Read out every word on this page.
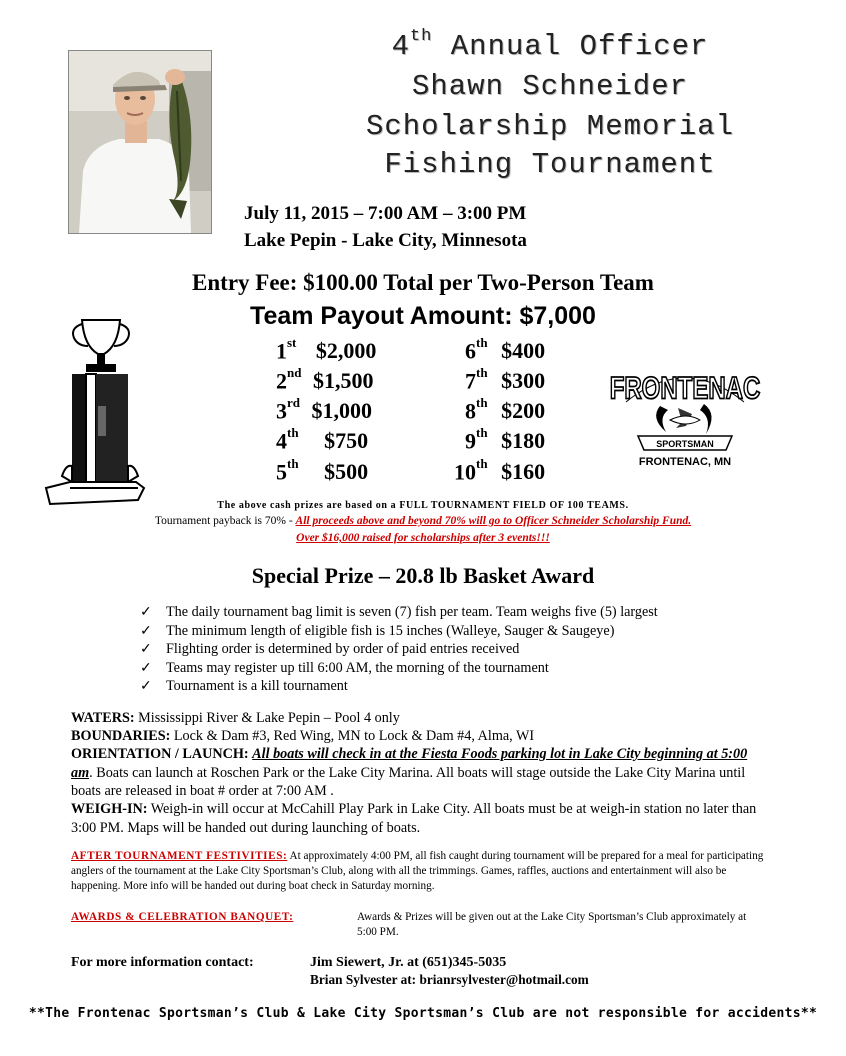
4th Annual Officer
Shawn Schneider
Scholarship Memorial
Fishing Tournament
July 11, 2015 – 7:00 AM – 3:00 PM
Lake Pepin - Lake City, Minnesota
Entry Fee: $100.00 Total per Two-Person Team
Team Payout Amount: $7,000
1st $2,000
2nd $1,500
3rd $1,000
4th $750
5th $500
6th $400
7th $300
8th $200
9th $180
10th $160
FRONTENAC
SPORTSMAN
FRONTENAC, MN
The above cash prizes are based on a FULL TOURNAMENT FIELD OF 100 TEAMS.
Tournament payback is 70% - All proceeds above and beyond 70% will go to Officer Schneider Scholarship Fund.
Over $16,000 raised for scholarships after 3 events!!!
Special Prize – 20.8 lb Basket Award
✓ The daily tournament bag limit is seven (7) fish per team. Team weighs five (5) largest
✓ The minimum length of eligible fish is 15 inches (Walleye, Sauger & Saugeye)
✓ Flighting order is determined by order of paid entries received
✓ Teams may register up till 6:00 AM, the morning of the tournament
✓ Tournament is a kill tournament
WATERS: Mississippi River & Lake Pepin – Pool 4 only
BOUNDARIES: Lock & Dam #3, Red Wing, MN to Lock & Dam #4, Alma, WI
ORIENTATION / LAUNCH: All boats will check in at the Fiesta Foods parking lot in Lake City beginning at 5:00 am. Boats can launch at Roschen Park or the Lake City Marina. All boats will stage outside the Lake City Marina until boats are released in boat # order at 7:00 AM .
WEIGH-IN: Weigh-in will occur at McCahill Play Park in Lake City. All boats must be at weigh-in station no later than 3:00 PM. Maps will be handed out during launching of boats.
AFTER TOURNAMENT FESTIVITIES: At approximately 4:00 PM, all fish caught during tournament will be prepared for a meal for participating anglers of the tournament at the Lake City Sportsman’s Club, along with all the trimmings. Games, raffles, auctions and entertainment will also be happening. More info will be handed out during boat check in Saturday morning.
AWARDS & CELEBRATION BANQUET:	Awards & Prizes will be given out at the Lake City Sportsman’s Club approximately at 5:00 PM.
For more information contact:	Jim Siewert, Jr. at (651)345-5035
Brian Sylvester at: brianrsylvester@hotmail.com
**The Frontenac Sportsman’s Club & Lake City Sportsman’s Club are not responsible for accidents**
